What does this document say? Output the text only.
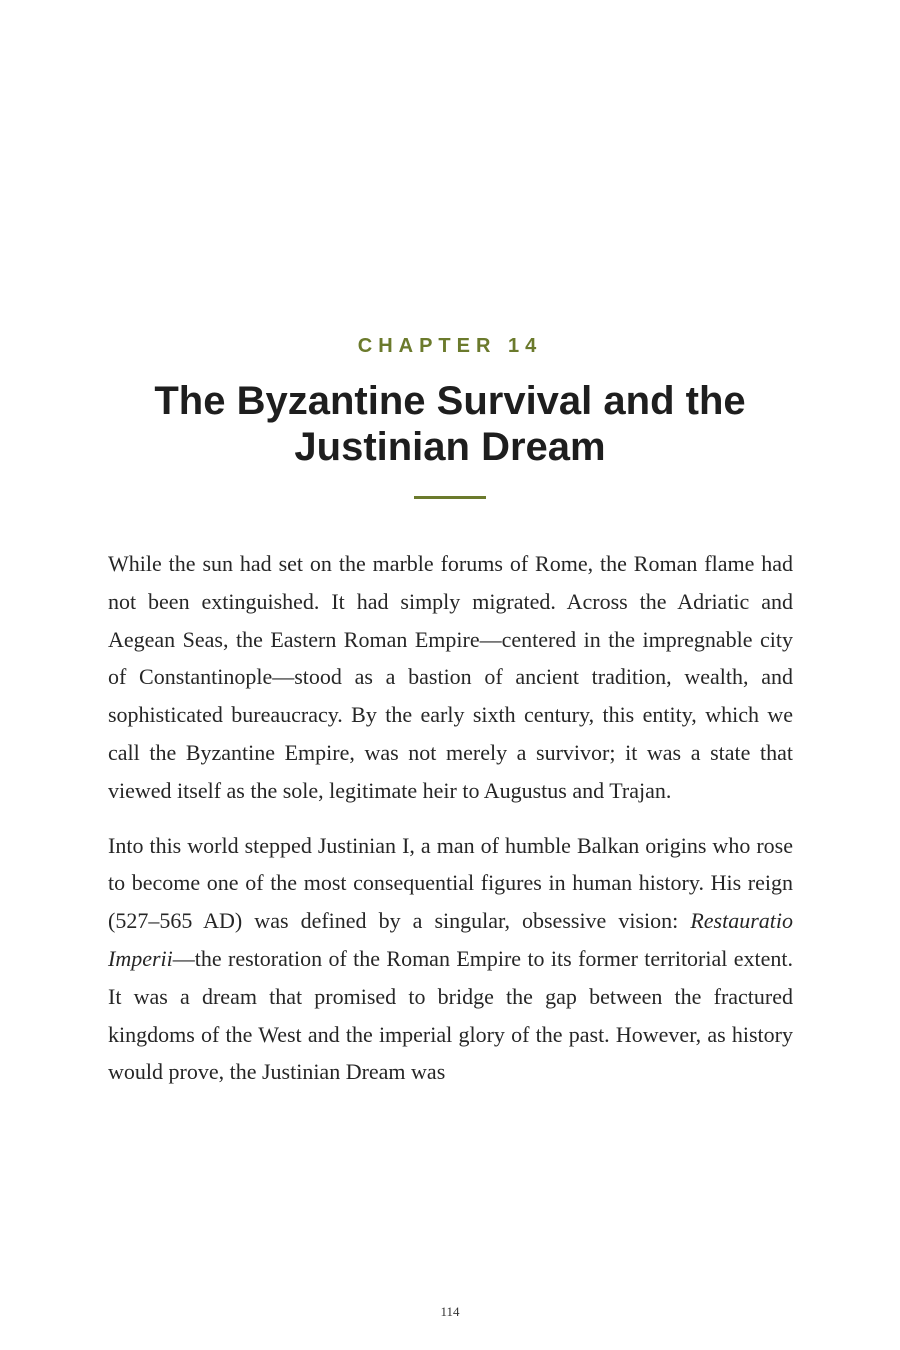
CHAPTER 14
The Byzantine Survival and the Justinian Dream

While the sun had set on the marble forums of Rome, the Roman flame had not been extinguished. It had simply migrated. Across the Adriatic and Aegean Seas, the Eastern Roman Empire—centered in the impregnable city of Constantinople—stood as a bastion of ancient tradition, wealth, and sophisticated bureaucracy. By the early sixth century, this entity, which we call the Byzantine Empire, was not merely a survivor; it was a state that viewed itself as the sole, legitimate heir to Augustus and Trajan.

Into this world stepped Justinian I, a man of humble Balkan origins who rose to become one of the most consequential figures in human history. His reign (527–565 AD) was defined by a singular, obsessive vision: Restauratio Imperii—the restoration of the Roman Empire to its former territorial extent. It was a dream that promised to bridge the gap between the fractured kingdoms of the West and the imperial glory of the past. However, as history would prove, the Justinian Dream was

114
